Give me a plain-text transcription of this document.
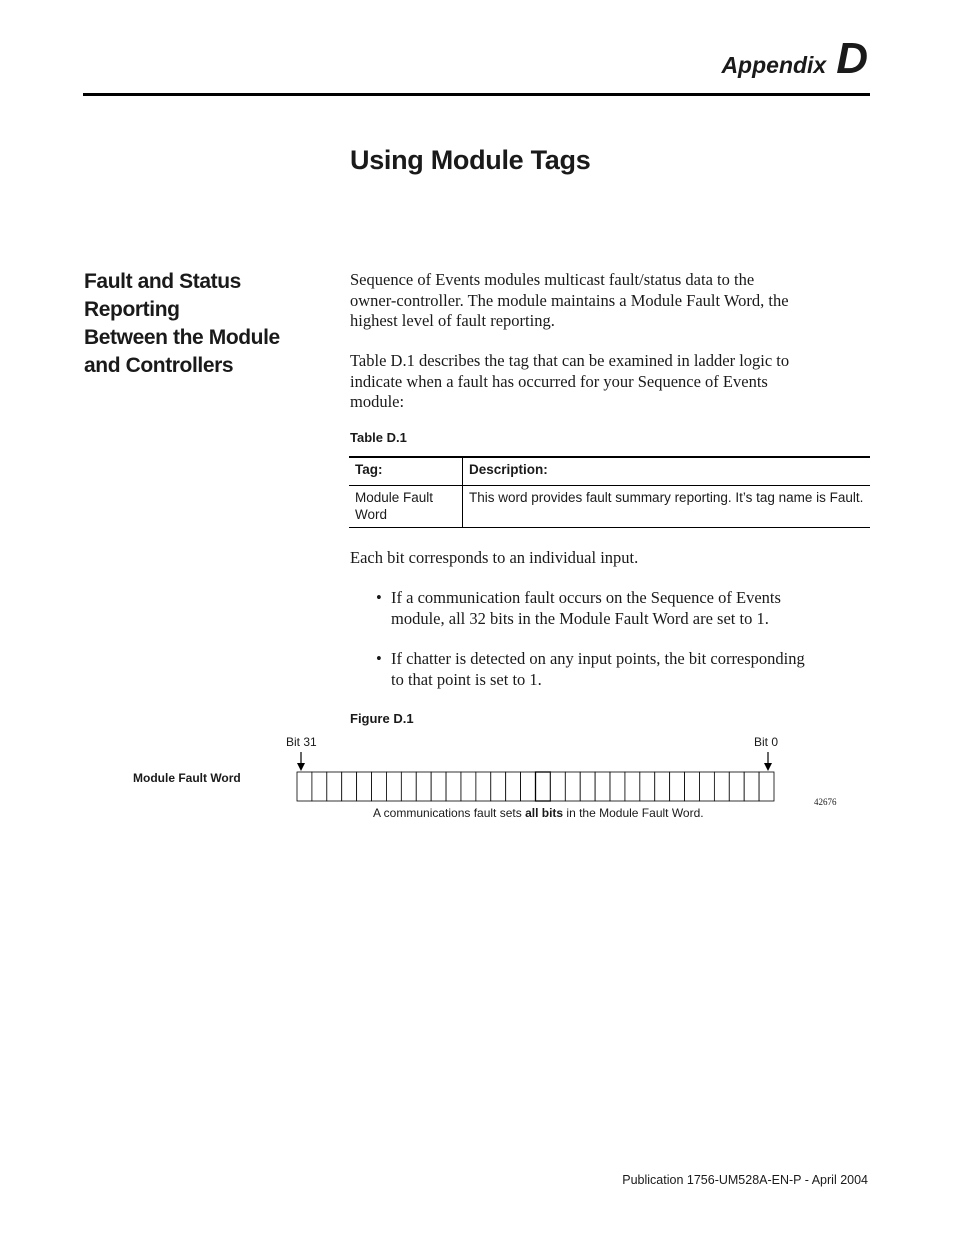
Appendix D
Using Module Tags
Fault and Status Reporting
Between the Module
and Controllers

Sequence of Events modules multicast fault/status data to the
owner-controller. The module maintains a Module Fault Word, the
highest level of fault reporting.

Table D.1 describes the tag that can be examined in ladder logic to
indicate when a fault has occurred for your Sequence of Events
module:

Table D.1

Tag:	Description:
Module Fault
Word	This word provides fault summary reporting. It’s tag name is Fault.

Each bit corresponds to an individual input.

• If a communication fault occurs on the Sequence of Events
module, all 32 bits in the Module Fault Word are set to 1.
• If chatter is detected on any input points, the bit corresponding
to that point is set to 1.

Figure D.1

Bit 31	Bit 0
Module Fault Word
A communications fault sets all bits in the Module Fault Word.
42676
Publication 1756-UM528A-EN-P - April 2004
